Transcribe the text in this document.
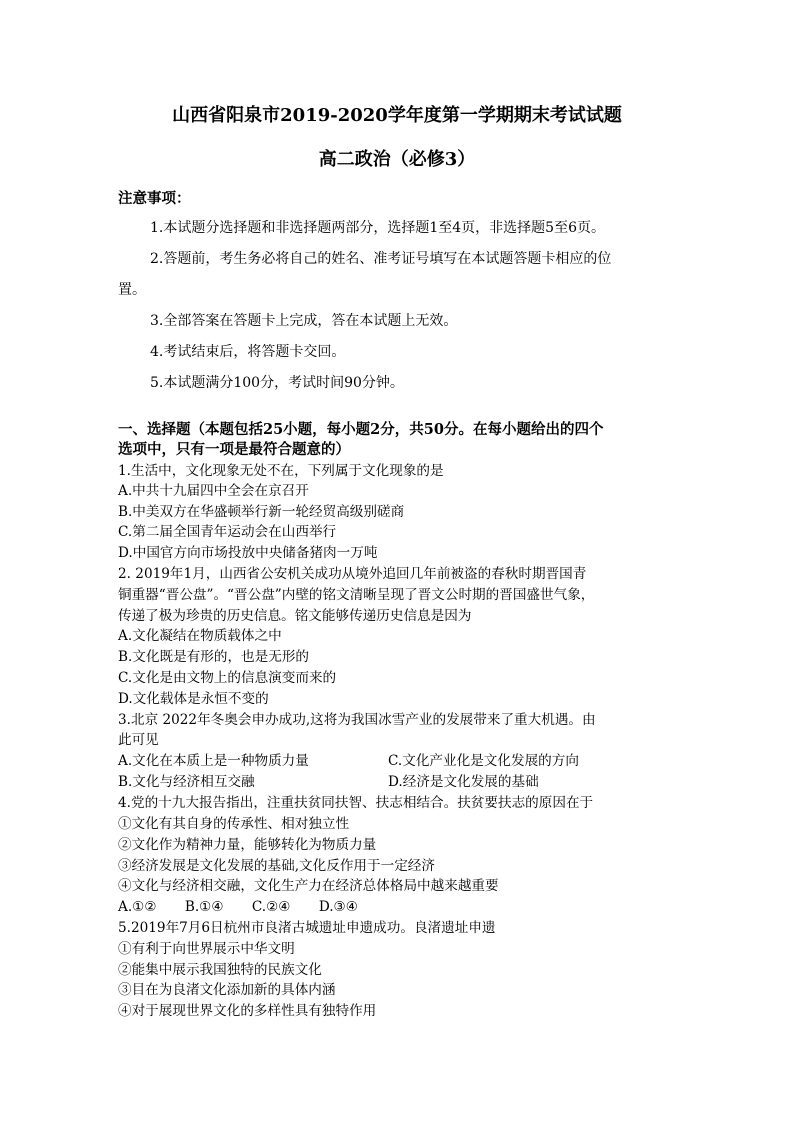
山西省阳泉市2019-2020学年度第一学期期末考试试题
高二政治（必修3）
注意事项：
1.本试题分选择题和非选择题两部分，选择题1至4页，非选择题5至6页。
2.答题前，考生务必将自己的姓名、准考证号填写在本试题答题卡相应的位
置。
3.全部答案在答题卡上完成，答在本试题上无效。
4.考试结束后，将答题卡交回。
5.本试题满分100分，考试时间90分钟。
一、选择题（本题包括25小题，每小题2分，共50分。在每小题给出的四个
选项中，只有一项是最符合题意的）
1.生活中，文化现象无处不在，下列属于文化现象的是
A.中共十九届四中全会在京召开
B.中美双方在华盛顿举行新一轮经贸高级别磋商
C.第二届全国青年运动会在山西举行
D.中国官方向市场投放中央储备猪肉一万吨
2. 2019年1月，山西省公安机关成功从境外追回几年前被盗的春秋时期晋国青
铜重器“晋公盘”。“晋公盘”内壁的铭文清晰呈现了晋文公时期的晋国盛世气象，
传递了极为珍贵的历史信息。铭文能够传递历史信息是因为
A.文化凝结在物质载体之中
B.文化既是有形的，也是无形的
C.文化是由文物上的信息演变而来的
D.文化载体是永恒不变的
3.北京 2022年冬奥会申办成功,这将为我国冰雪产业的发展带来了重大机遇。由
此可见
A.文化在本质上是一种物质力量	C.文化产业化是文化发展的方向
B.文化与经济相互交融	D.经济是文化发展的基础
4.党的十九大报告指出，注重扶贫同扶智、扶志相结合。扶贫要扶志的原因在于
①文化有其自身的传承性、相对独立性
②文化作为精神力量，能够转化为物质力量
③经济发展是文化发展的基础,文化反作用于一定经济
④文化与经济相交融，文化生产力在经济总体格局中越来越重要
A.①② B.①④ C.②④ D.③④
5.2019年7月6日杭州市良渚古城遗址申遗成功。良渚遗址申遗
①有利于向世界展示中华文明
②能集中展示我国独特的民族文化
③目在为良渚文化添加新的具体内涵
④对于展现世界文化的多样性具有独特作用
